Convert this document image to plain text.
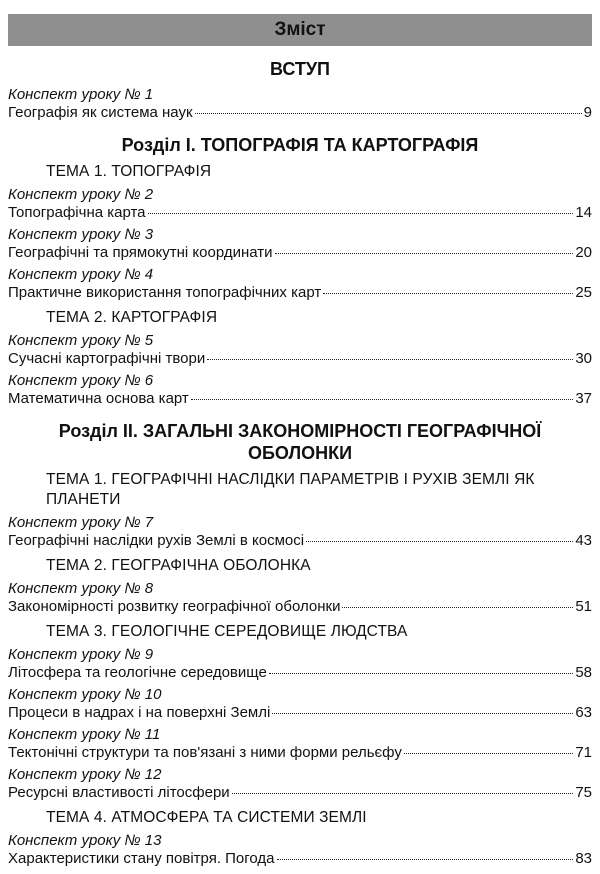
Зміст
ВСТУП

Конспект уроку № 1

Географія як система наук	9
Розділ І. ТОПОГРАФІЯ ТА КАРТОГРАФІЯ

ТЕМА 1. ТОПОГРАФІЯ

Конспект уроку № 2

Топографічна карта	14

Конспект уроку № 3

Географічні та прямокутні координати	20

Конспект уроку № 4

Практичне використання топографічних карт	25

ТЕМА 2. КАРТОГРАФІЯ

Конспект уроку № 5

Сучасні картографічні твори	30

Конспект уроку № 6

Математична основа карт	37
Розділ ІІ. ЗАГАЛЬНІ ЗАКОНОМІРНОСТІ ГЕОГРАФІЧНОЇ ОБОЛОНКИ

ТЕМА 1. ГЕОГРАФІЧНІ НАСЛІДКИ ПАРАМЕТРІВ І РУХІВ ЗЕМЛІ ЯК ПЛАНЕТИ

Конспект уроку № 7

Географічні наслідки рухів Землі в космосі	43

ТЕМА 2. ГЕОГРАФІЧНА ОБОЛОНКА

Конспект уроку № 8

Закономірності розвитку географічної оболонки	51

ТЕМА 3. ГЕОЛОГІЧНЕ СЕРЕДОВИЩЕ ЛЮДСТВА

Конспект уроку № 9

Літосфера та геологічне середовище	58

Конспект уроку № 10

Процеси в надрах і на поверхні Землі	63

Конспект уроку № 11

Тектонічні структури та пов'язані з ними форми рельєфу	71

Конспект уроку № 12

Ресурсні властивості літосфери	75

ТЕМА 4. АТМОСФЕРА ТА СИСТЕМИ ЗЕМЛІ

Конспект уроку № 13

Характеристики стану повітря. Погода	83
